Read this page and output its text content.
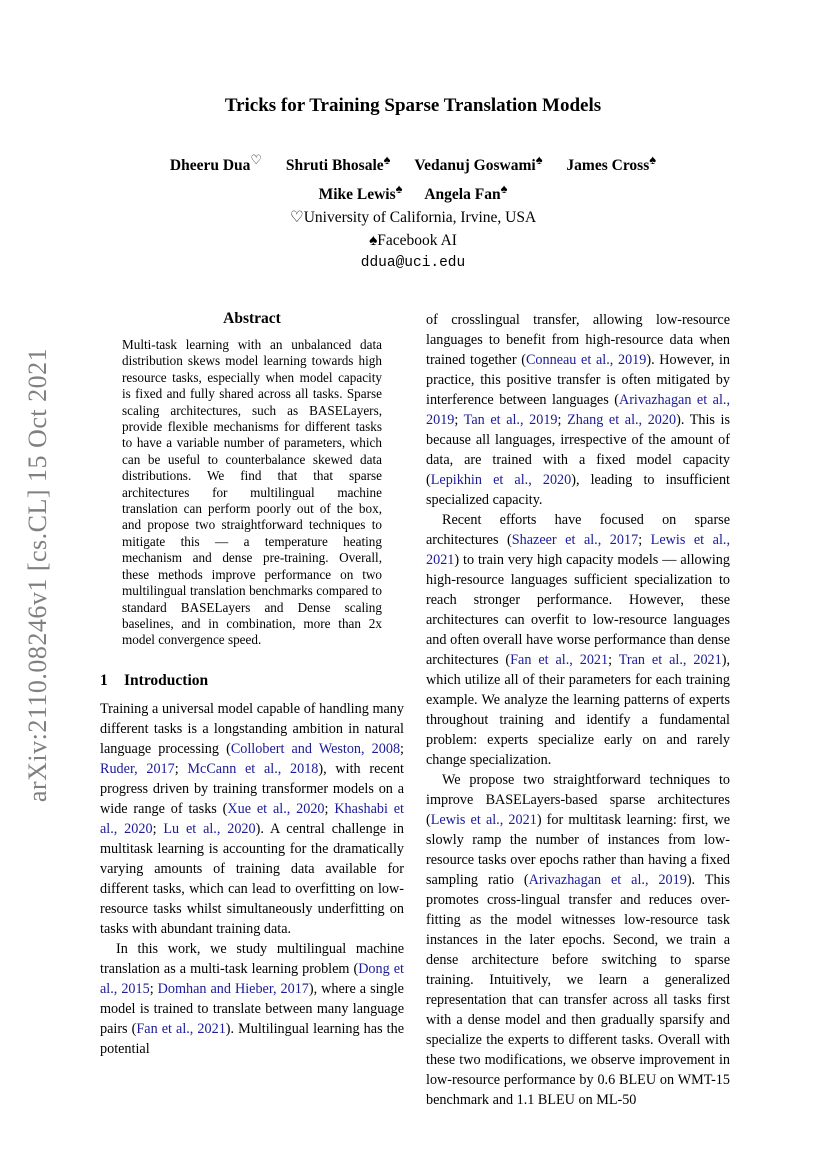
arXiv:2110.08246v1 [cs.CL] 15 Oct 2021
Tricks for Training Sparse Translation Models
Dheeru Dua♡ Shruti Bhosale♠ Vedanuj Goswami♠ James Cross♠
Mike Lewis♠ Angela Fan♠
♡University of California, Irvine, USA
♠Facebook AI
ddua@uci.edu
Abstract

Multi-task learning with an unbalanced data distribution skews model learning towards high resource tasks, especially when model capacity is fixed and fully shared across all tasks. Sparse scaling architectures, such as BASELayers, provide flexible mechanisms for different tasks to have a variable number of parameters, which can be useful to counterbalance skewed data distributions. We find that that sparse architectures for multilingual machine translation can perform poorly out of the box, and propose two straightforward techniques to mitigate this — a temperature heating mechanism and dense pre-training. Overall, these methods improve performance on two multilingual translation benchmarks compared to standard BASELayers and Dense scaling baselines, and in combination, more than 2x model convergence speed.

1 Introduction

Training a universal model capable of handling many different tasks is a longstanding ambition in natural language processing (Collobert and Weston, 2008; Ruder, 2017; McCann et al., 2018), with recent progress driven by training transformer models on a wide range of tasks (Xue et al., 2020; Khashabi et al., 2020; Lu et al., 2020). A central challenge in multitask learning is accounting for the dramatically varying amounts of training data available for different tasks, which can lead to overfitting on low-resource tasks whilst simultaneously underfitting on tasks with abundant training data.

In this work, we study multilingual machine translation as a multi-task learning problem (Dong et al., 2015; Domhan and Hieber, 2017), where a single model is trained to translate between many language pairs (Fan et al., 2021). Multilingual learning has the potential

of crosslingual transfer, allowing low-resource languages to benefit from high-resource data when trained together (Conneau et al., 2019). However, in practice, this positive transfer is often mitigated by interference between languages (Arivazhagan et al., 2019; Tan et al., 2019; Zhang et al., 2020). This is because all languages, irrespective of the amount of data, are trained with a fixed model capacity (Lepikhin et al., 2020), leading to insufficient specialized capacity.

Recent efforts have focused on sparse architectures (Shazeer et al., 2017; Lewis et al., 2021) to train very high capacity models — allowing high-resource languages sufficient specialization to reach stronger performance. However, these architectures can overfit to low-resource languages and often overall have worse performance than dense architectures (Fan et al., 2021; Tran et al., 2021), which utilize all of their parameters for each training example. We analyze the learning patterns of experts throughout training and identify a fundamental problem: experts specialize early on and rarely change specialization.

We propose two straightforward techniques to improve BASELayers-based sparse architectures (Lewis et al., 2021) for multitask learning: first, we slowly ramp the number of instances from low-resource tasks over epochs rather than having a fixed sampling ratio (Arivazhagan et al., 2019). This promotes cross-lingual transfer and reduces over-fitting as the model witnesses low-resource task instances in the later epochs. Second, we train a dense architecture before switching to sparse training. Intuitively, we learn a generalized representation that can transfer across all tasks first with a dense model and then gradually sparsify and specialize the experts to different tasks. Overall with these two modifications, we observe improvement in low-resource performance by 0.6 BLEU on WMT-15 benchmark and 1.1 BLEU on ML-50
